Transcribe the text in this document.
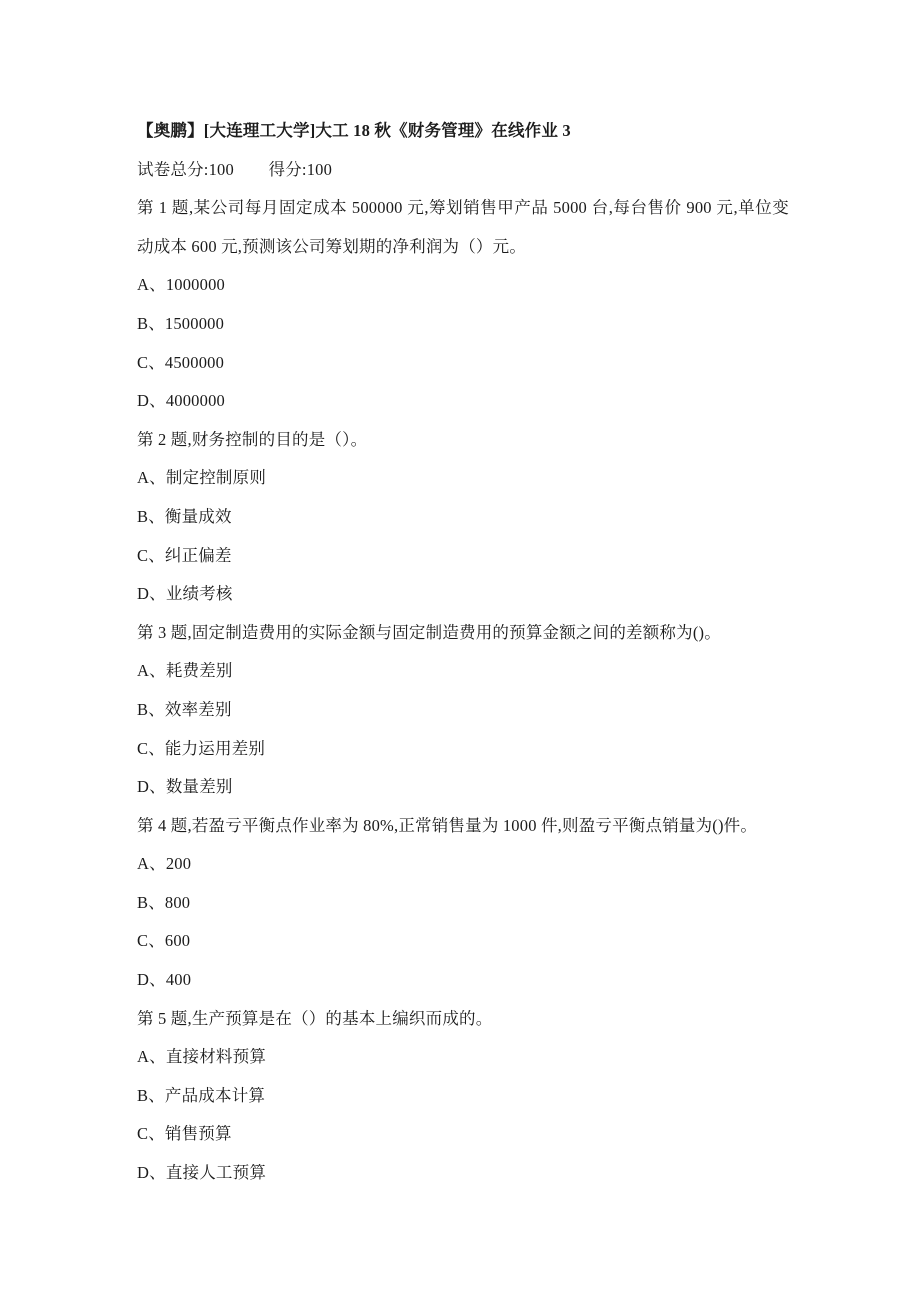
【奥鹏】[大连理工大学]大工 18 秋《财务管理》在线作业 3
试卷总分:100        得分:100
第 1 题,某公司每月固定成本 500000 元,筹划销售甲产品 5000 台,每台售价 900 元,单位变动成本 600 元,预测该公司筹划期的净利润为（）元。
A、1000000
B、1500000
C、4500000
D、4000000
第 2 题,财务控制的目的是（）。
A、制定控制原则
B、衡量成效
C、纠正偏差
D、业绩考核
第 3 题,固定制造费用的实际金额与固定制造费用的预算金额之间的差额称为()。
A、耗费差别
B、效率差别
C、能力运用差别
D、数量差别
第 4 题,若盈亏平衡点作业率为 80%,正常销售量为 1000 件,则盈亏平衡点销量为()件。
A、200
B、800
C、600
D、400
第 5 题,生产预算是在（）的基本上编织而成的。
A、直接材料预算
B、产品成本计算
C、销售预算
D、直接人工预算
